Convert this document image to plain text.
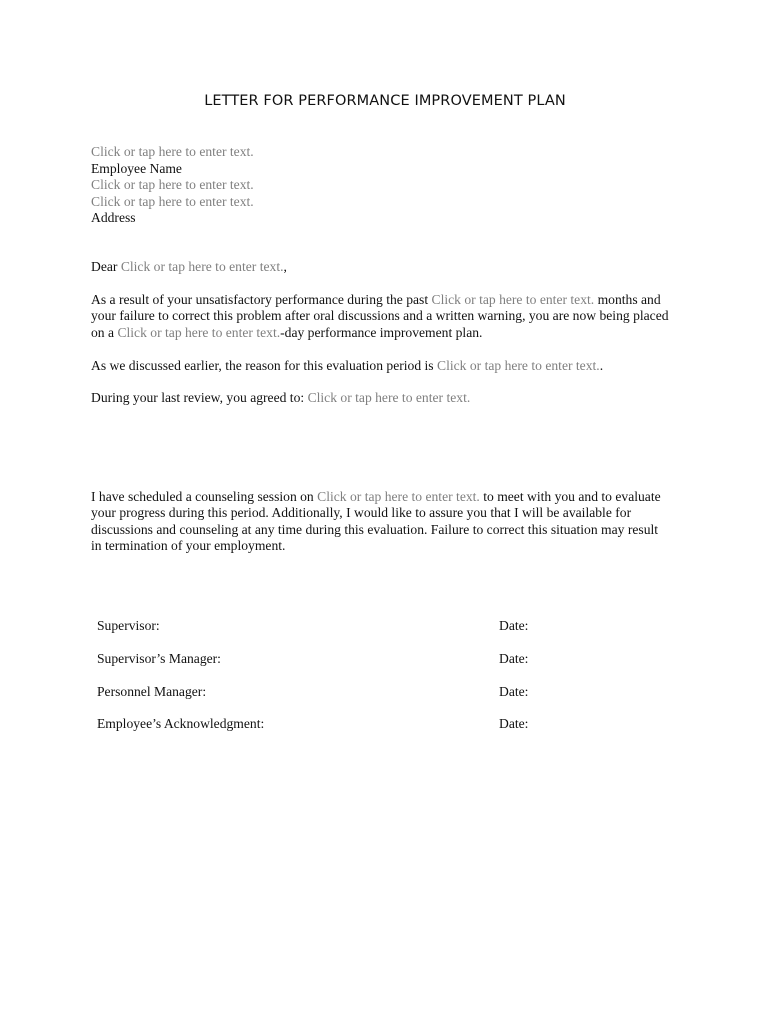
LETTER FOR PERFORMANCE IMPROVEMENT PLAN
Click or tap here to enter text.
Employee Name
Click or tap here to enter text.
Click or tap here to enter text.
Address
Dear Click or tap here to enter text.,
As a result of your unsatisfactory performance during the past Click or tap here to enter text. months and
your failure to correct this problem after oral discussions and a written warning, you are now being placed
on a Click or tap here to enter text.-day performance improvement plan.
As we discussed earlier, the reason for this evaluation period is Click or tap here to enter text..
During your last review, you agreed to: Click or tap here to enter text.
I have scheduled a counseling session on Click or tap here to enter text. to meet with you and to evaluate
your progress during this period. Additionally, I would like to assure you that I will be available for
discussions and counseling at any time during this evaluation. Failure to correct this situation may result
in termination of your employment.
Supervisor:	Date:
Supervisor’s Manager:	Date:
Personnel Manager:	Date:
Employee’s Acknowledgment:	Date:
